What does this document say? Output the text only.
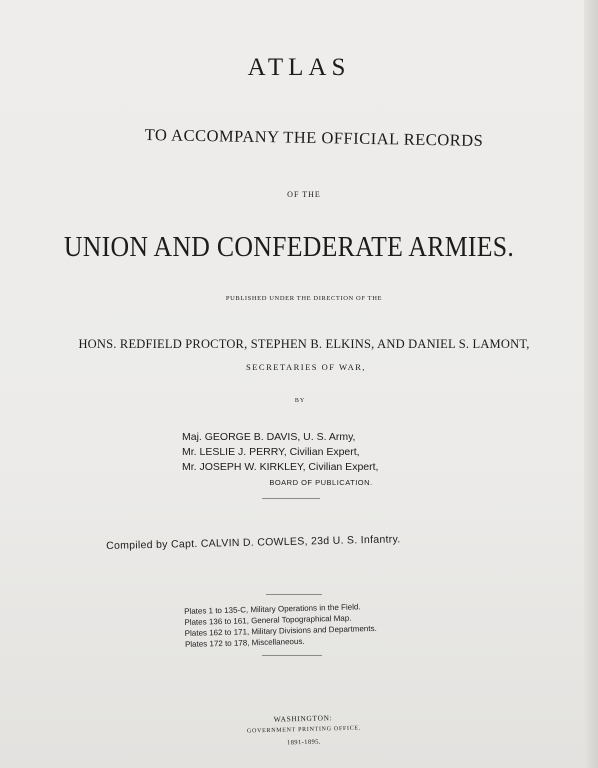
ATLAS
TO ACCOMPANY THE OFFICIAL RECORDS
OF THE
UNION AND CONFEDERATE ARMIES.
PUBLISHED UNDER THE DIRECTION OF THE
HONS. REDFIELD PROCTOR, STEPHEN B. ELKINS, AND DANIEL S. LAMONT,
SECRETARIES OF WAR,
BY
Maj. GEORGE B. DAVIS, U. S. Army,
Mr. LESLIE J. PERRY, Civilian Expert,
Mr. JOSEPH W. KIRKLEY, Civilian Expert,
BOARD OF PUBLICATION.
Compiled by Capt. CALVIN D. COWLES, 23d U. S. Infantry.
Plates 1 to 135-C, Military Operations in the Field.
Plates 136 to 161, General Topographical Map.
Plates 162 to 171, Military Divisions and Departments.
Plates 172 to 178, Miscellaneous.
WASHINGTON:
GOVERNMENT PRINTING OFFICE.
1891-1895.
